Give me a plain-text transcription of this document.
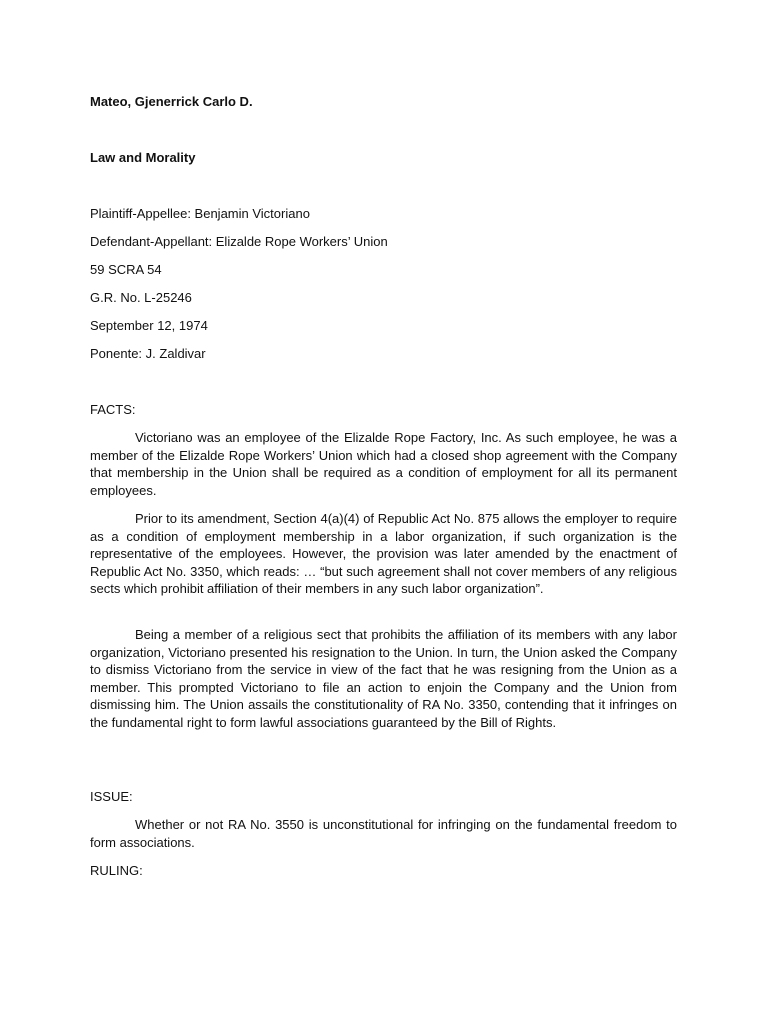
Mateo, Gjenerrick Carlo D.
Law and Morality
Plaintiff-Appellee: Benjamin Victoriano
Defendant-Appellant: Elizalde Rope Workers’ Union
59 SCRA 54
G.R. No. L-25246
September 12, 1974
Ponente: J. Zaldivar
FACTS:

Victoriano was an employee of the Elizalde Rope Factory, Inc. As such employee, he was a member of the Elizalde Rope Workers’ Union which had a closed shop agreement with the Company that membership in the Union shall be required as a condition of employment for all its permanent employees.

Prior to its amendment, Section 4(a)(4) of Republic Act No. 875 allows the employer to require as a condition of employment membership in a labor organization, if such organization is the representative of the employees. However, the provision was later amended by the enactment of Republic Act No. 3350, which reads: … “but such agreement shall not cover members of any religious sects which prohibit affiliation of their members in any such labor organization”.

Being a member of a religious sect that prohibits the affiliation of its members with any labor organization, Victoriano presented his resignation to the Union. In turn, the Union asked the Company to dismiss Victoriano from the service in view of the fact that he was resigning from the Union as a member. This prompted Victoriano to file an action to enjoin the Company and the Union from dismissing him. The Union assails the constitutionality of RA No. 3350, contending that it infringes on the fundamental right to form lawful associations guaranteed by the Bill of Rights.

ISSUE:

Whether or not RA No. 3550 is unconstitutional for infringing on the fundamental freedom to form associations.

RULING:
